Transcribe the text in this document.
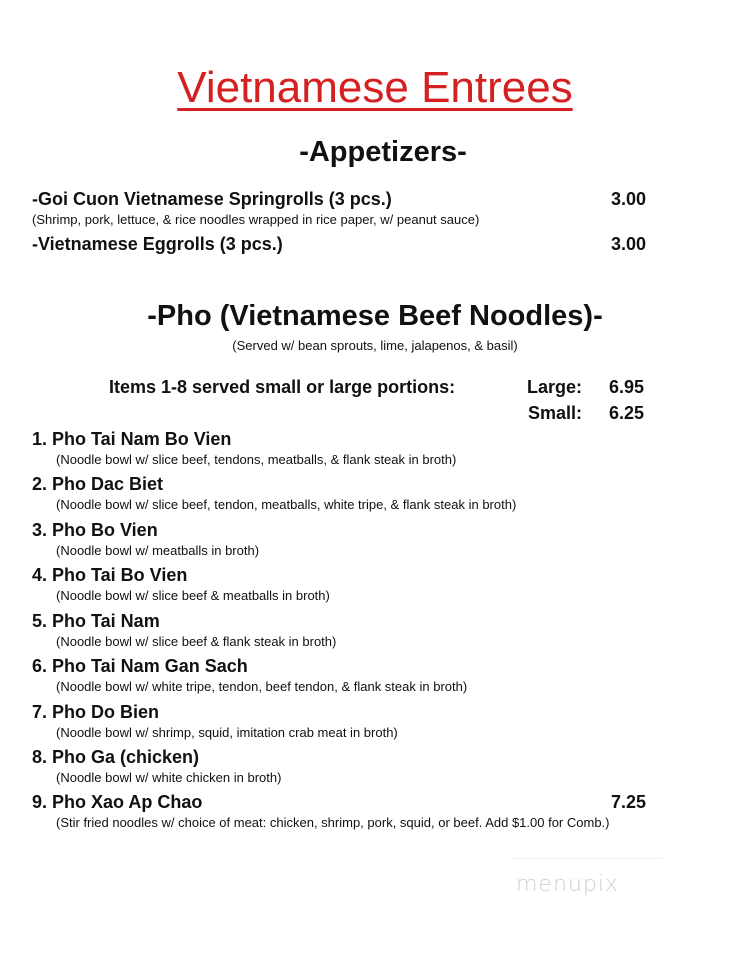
Vietnamese Entrees
-Appetizers-
-Goi Cuon Vietnamese Springrolls (3 pcs.)
(Shrimp, pork, lettuce, & rice noodles wrapped in rice paper, w/ peanut sauce)
3.00
-Vietnamese Eggrolls (3 pcs.)	3.00
-Pho (Vietnamese Beef Noodles)-

(Served w/ bean sprouts, lime, jalapenos, & basil)

Items 1-8 served small or large portions:	Large: 6.95
Small: 6.25
1. Pho Tai Nam Bo Vien
(Noodle bowl w/ slice beef, tendons, meatballs, & flank steak in broth)
2. Pho Dac Biet
(Noodle bowl w/ slice beef, tendon, meatballs, white tripe, & flank steak in broth)
3. Pho Bo Vien
(Noodle bowl w/ meatballs in broth)
4. Pho Tai Bo Vien
(Noodle bowl w/ slice beef & meatballs in broth)
5. Pho Tai Nam
(Noodle bowl w/ slice beef & flank steak in broth)
6. Pho Tai Nam Gan Sach
(Noodle bowl w/ white tripe, tendon, beef tendon, & flank steak in broth)
7. Pho Do Bien
(Noodle bowl w/ shrimp, squid, imitation crab meat in broth)
8. Pho Ga (chicken)
(Noodle bowl w/ white chicken in broth)
9. Pho Xao Ap Chao
(Stir fried noodles w/ choice of meat: chicken, shrimp, pork, squid, or beef. Add $1.00 for Comb.)
7.25
menupix
